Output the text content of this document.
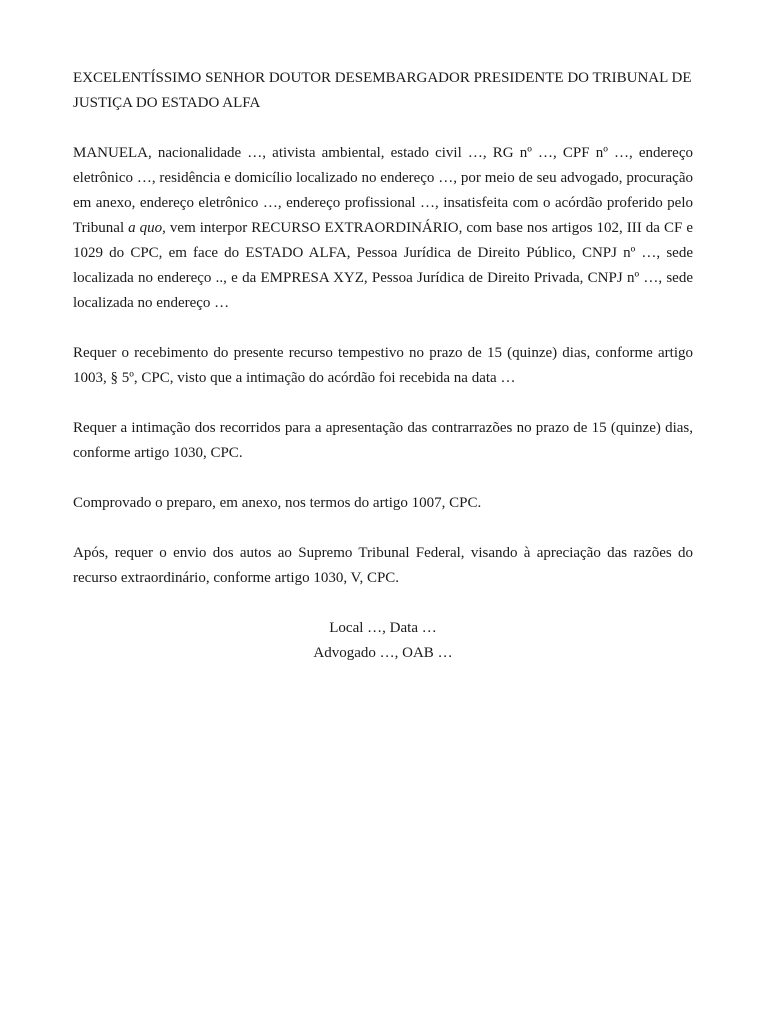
EXCELENTÍSSIMO SENHOR DOUTOR DESEMBARGADOR PRESIDENTE DO TRIBUNAL DE JUSTIÇA DO ESTADO ALFA

MANUELA, nacionalidade …, ativista ambiental, estado civil …, RG nº …, CPF nº …, endereço eletrônico …, residência e domicílio localizado no endereço …, por meio de seu advogado, procuração em anexo, endereço eletrônico …, endereço profissional …, insatisfeita com o acórdão proferido pelo Tribunal a quo, vem interpor RECURSO EXTRAORDINÁRIO, com base nos artigos 102, III da CF e 1029 do CPC, em face do ESTADO ALFA, Pessoa Jurídica de Direito Público, CNPJ nº …, sede localizada no endereço .., e da EMPRESA XYZ, Pessoa Jurídica de Direito Privada, CNPJ nº …, sede localizada no endereço …

Requer o recebimento do presente recurso tempestivo no prazo de 15 (quinze) dias, conforme artigo 1003, § 5º, CPC, visto que a intimação do acórdão foi recebida na data …

Requer a intimação dos recorridos para a apresentação das contrarrazões no prazo de 15 (quinze) dias, conforme artigo 1030, CPC.

Comprovado o preparo, em anexo, nos termos do artigo 1007, CPC.

Após, requer o envio dos autos ao Supremo Tribunal Federal, visando à apreciação das razões do recurso extraordinário, conforme artigo 1030, V, CPC.

Local …, Data …

Advogado …, OAB …
